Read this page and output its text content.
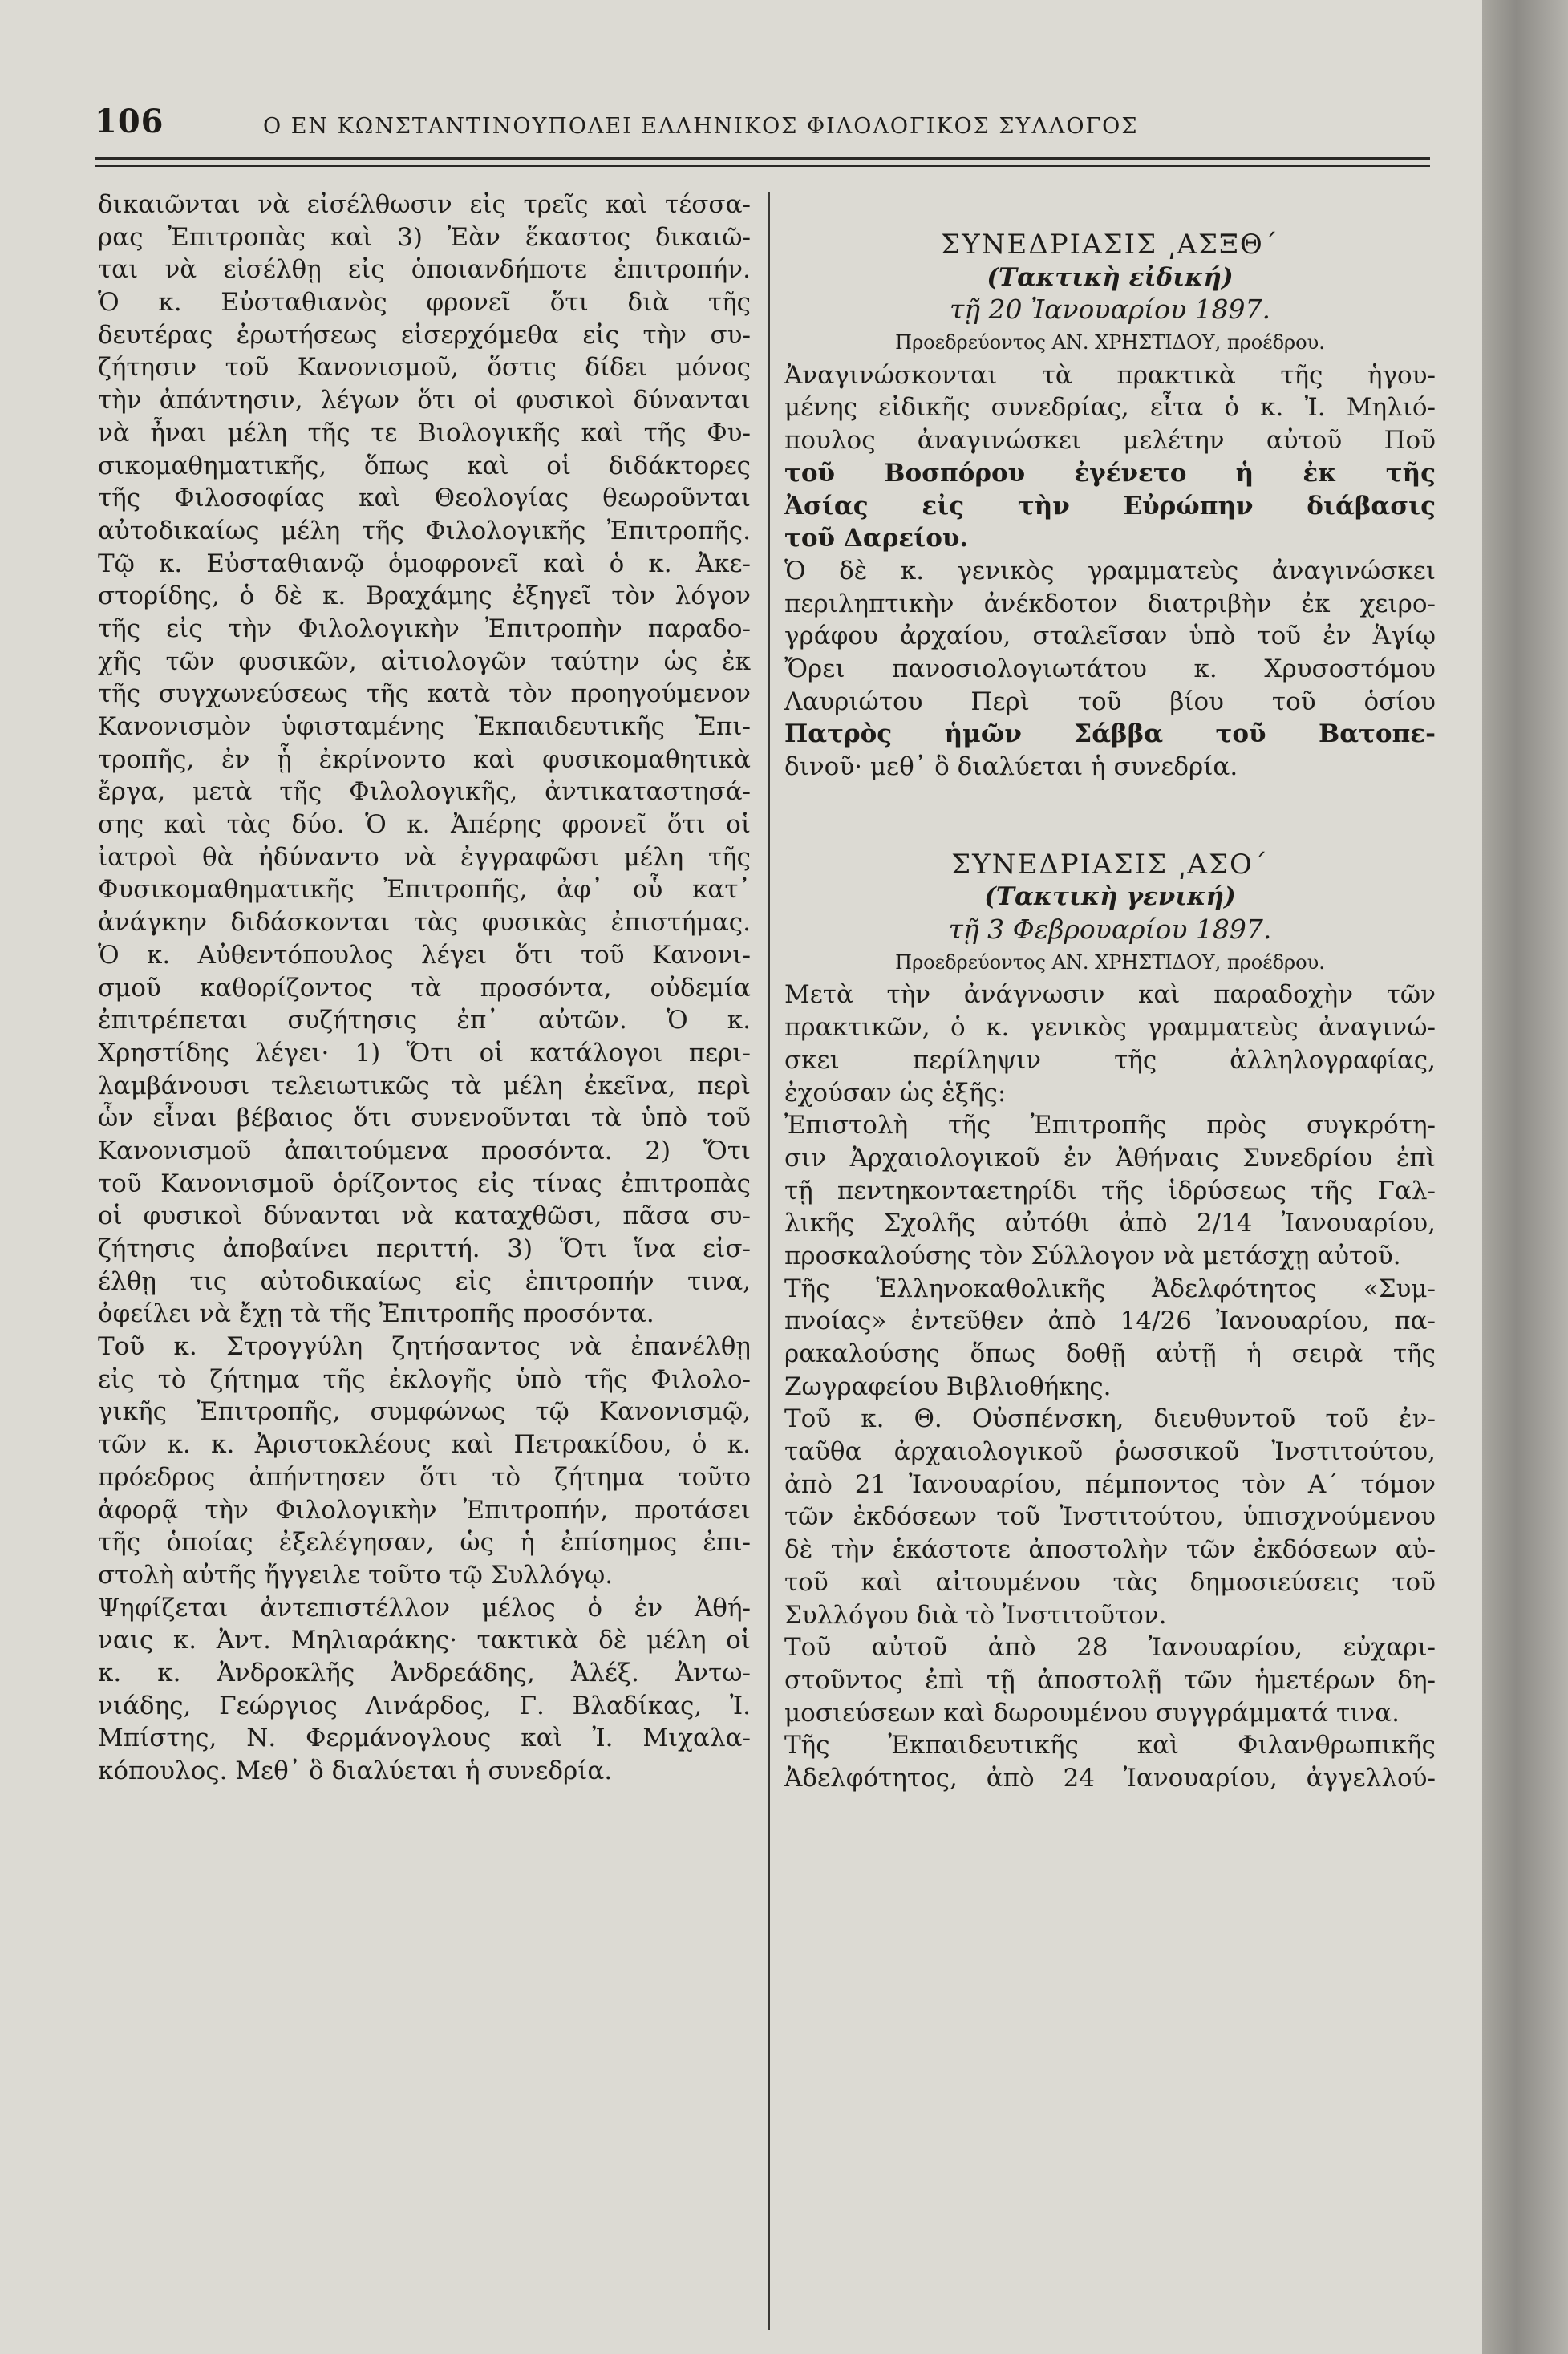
106	Ο ΕΝ ΚΩΝΣΤΑΝΤΙΝΟΥΠΟΛΕΙ ΕΛΛΗΝΙΚΟΣ ΦΙΛΟΛΟΓΙΚΟΣ ΣΥΛΛΟΓΟΣ

δικαιῶνται νὰ εἰσέλθωσιν εἰς τρεῖς καὶ τέσσα-

ρας Ἐπιτροπὰς καὶ 3) Ἐὰν ἕκαστος δικαιῶ-

ται νὰ εἰσέλθῃ εἰς ὁποιανδήποτε ἐπιτροπήν.

Ὁ κ. Εὐσταθιανὸς φρονεῖ ὅτι διὰ τῆς

δευτέρας ἐρωτήσεως εἰσερχόμεθα εἰς τὴν συ-

ζήτησιν τοῦ Κανονισμοῦ, ὅστις δίδει μόνος

τὴν ἀπάντησιν, λέγων ὅτι οἱ φυσικοὶ δύνανται

νὰ ἦναι μέλη τῆς τε Βιολογικῆς καὶ τῆς Φυ-

σικομαθηματικῆς, ὅπως καὶ οἱ διδάκτορες

τῆς Φιλοσοφίας καὶ Θεολογίας θεωροῦνται

αὐτοδικαίως μέλη τῆς Φιλολογικῆς Ἐπιτροπῆς.

Τῷ κ. Εὐσταθιανῷ ὁμοφρονεῖ καὶ ὁ κ. Ἀκε-

στορίδης, ὁ δὲ κ. Βραχάμης ἐξηγεῖ τὸν λόγον

τῆς εἰς τὴν Φιλολογικὴν Ἐπιτροπὴν παραδο-

χῆς τῶν φυσικῶν, αἰτιολογῶν ταύτην ὡς ἐκ

τῆς συγχωνεύσεως τῆς κατὰ τὸν προηγούμενον

Κανονισμὸν ὑφισταμένης Ἐκπαιδευτικῆς Ἐπι-

τροπῆς, ἐν ᾗ ἐκρίνοντο καὶ φυσικομαθητικὰ

ἔργα, μετὰ τῆς Φιλολογικῆς, ἀντικαταστησά-

σης καὶ τὰς δύο. Ὁ κ. Ἀπέρης φρονεῖ ὅτι οἱ

ἰατροὶ θὰ ἠδύναντο νὰ ἐγγραφῶσι μέλη τῆς

Φυσικομαθηματικῆς Ἐπιτροπῆς, ἀφ᾽ οὗ κατ᾽

ἀνάγκην διδάσκονται τὰς φυσικὰς ἐπιστήμας.

Ὁ κ. Αὐθεντόπουλος λέγει ὅτι τοῦ Κανονι-

σμοῦ καθορίζοντος τὰ προσόντα, οὐδεμία

ἐπιτρέπεται συζήτησις ἐπ᾽ αὐτῶν. Ὁ κ.

Χρηστίδης λέγει· 1) Ὅτι οἱ κατάλογοι περι-

λαμβάνουσι τελειωτικῶς τὰ μέλη ἐκεῖνα, περὶ

ὧν εἶναι βέβαιος ὅτι συνενοῦνται τὰ ὑπὸ τοῦ

Κανονισμοῦ ἀπαιτούμενα προσόντα. 2) Ὅτι

τοῦ Κανονισμοῦ ὁρίζοντος εἰς τίνας ἐπιτροπὰς

οἱ φυσικοὶ δύνανται νὰ καταχθῶσι, πᾶσα συ-

ζήτησις ἀποβαίνει περιττή. 3) Ὅτι ἵνα εἰσ-

έλθῃ τις αὐτοδικαίως εἰς ἐπιτροπήν τινα,

ὀφείλει νὰ ἔχῃ τὰ τῆς Ἐπιτροπῆς προσόντα.

Τοῦ κ. Στρογγύλη ζητήσαντος νὰ ἐπανέλθῃ

εἰς τὸ ζήτημα τῆς ἐκλογῆς ὑπὸ τῆς Φιλολο-

γικῆς Ἐπιτροπῆς, συμφώνως τῷ Κανονισμῷ,

τῶν κ. κ. Ἀριστοκλέους καὶ Πετρακίδου, ὁ κ.

πρόεδρος ἀπήντησεν ὅτι τὸ ζήτημα τοῦτο

ἀφορᾷ τὴν Φιλολογικὴν Ἐπιτροπήν, προτάσει

τῆς ὁποίας ἐξελέγησαν, ὡς ἡ ἐπίσημος ἐπι-

στολὴ αὐτῆς ἤγγειλε τοῦτο τῷ Συλλόγῳ.

Ψηφίζεται ἀντεπιστέλλον μέλος ὁ ἐν Ἀθή-

ναις κ. Ἀντ. Μηλιαράκης· τακτικὰ δὲ μέλη οἱ

κ. κ. Ἀνδροκλῆς Ἀνδρεάδης, Ἀλέξ. Ἀντω-

νιάδης, Γεώργιος Λινάρδος, Γ. Βλαδίκας, Ἰ.

Μπίστης, Ν. Φερμάνογλους καὶ Ἰ. Μιχαλα-

κόπουλος. Μεθ᾽ ὃ διαλύεται ἡ συνεδρία.

ΣΥΝΕΔΡΙΑΣΙΣ ͵ΑΣΞΘ´

(Τακτικὴ εἰδική)

τῇ 20 Ἰανουαρίου 1897.

Προεδρεύοντος ΑΝ. ΧΡΗΣΤΙΔΟΥ, προέδρου.

Ἀναγινώσκονται τὰ πρακτικὰ τῆς ἡγου-

μένης εἰδικῆς συνεδρίας, εἶτα ὁ κ. Ἰ. Μηλιό-

πουλος ἀναγινώσκει μελέτην αὐτοῦ Ποῦ

τοῦ Βοσπόρου ἐγένετο ἡ ἐκ τῆς

Ἀσίας εἰς τὴν Εὐρώπην διάβασις

τοῦ Δαρείου.

Ὁ δὲ κ. γενικὸς γραμματεὺς ἀναγινώσκει

περιληπτικὴν ἀνέκδοτον διατριβὴν ἐκ χειρο-

γράφου ἀρχαίου, σταλεῖσαν ὑπὸ τοῦ ἐν Ἁγίῳ

Ὄρει πανοσιολογιωτάτου κ. Χρυσοστόμου

Λαυριώτου Περὶ τοῦ βίου τοῦ ὁσίου

Πατρὸς ἡμῶν Σάββα τοῦ Βατοπε-

δινοῦ· μεθ᾽ ὃ διαλύεται ἡ συνεδρία.

ΣΥΝΕΔΡΙΑΣΙΣ ͵ΑΣΟ´

(Τακτικὴ γενική)

τῇ 3 Φεβρουαρίου 1897.

Προεδρεύοντος ΑΝ. ΧΡΗΣΤΙΔΟΥ, προέδρου.

Μετὰ τὴν ἀνάγνωσιν καὶ παραδοχὴν τῶν

πρακτικῶν, ὁ κ. γενικὸς γραμματεὺς ἀναγινώ-

σκει περίληψιν τῆς ἀλληλογραφίας,

ἐχούσαν ὡς ἑξῆς:

Ἐπιστολὴ τῆς Ἐπιτροπῆς πρὸς συγκρότη-

σιν Ἀρχαιολογικοῦ ἐν Ἀθήναις Συνεδρίου ἐπὶ

τῇ πεντηκονταετηρίδι τῆς ἱδρύσεως τῆς Γαλ-

λικῆς Σχολῆς αὐτόθι ἀπὸ 2/14 Ἰανουαρίου,

προσκαλούσης τὸν Σύλλογον νὰ μετάσχῃ αὐτοῦ.

Τῆς Ἑλληνοκαθολικῆς Ἀδελφότητος «Συμ-

πνοίας» ἐντεῦθεν ἀπὸ 14/26 Ἰανουαρίου, πα-

ρακαλούσης ὅπως δοθῇ αὐτῇ ἡ σειρὰ τῆς

Ζωγραφείου Βιβλιοθήκης.

Τοῦ κ. Θ. Οὐσπένσκη, διευθυντοῦ τοῦ ἐν-

ταῦθα ἀρχαιολογικοῦ ῥωσσικοῦ Ἰνστιτούτου,

ἀπὸ 21 Ἰανουαρίου, πέμποντος τὸν Α´ τόμον

τῶν ἐκδόσεων τοῦ Ἰνστιτούτου, ὑπισχνούμενου

δὲ τὴν ἑκάστοτε ἀποστολὴν τῶν ἐκδόσεων αὐ-

τοῦ καὶ αἰτουμένου τὰς δημοσιεύσεις τοῦ

Συλλόγου διὰ τὸ Ἰνστιτοῦτον.

Τοῦ αὐτοῦ ἀπὸ 28 Ἰανουαρίου, εὐχαρι-

στοῦντος ἐπὶ τῇ ἀποστολῇ τῶν ἡμετέρων δη-

μοσιεύσεων καὶ δωρουμένου συγγράμματά τινα.

Τῆς Ἐκπαιδευτικῆς καὶ Φιλανθρωπικῆς

Ἀδελφότητος, ἀπὸ 24 Ἰανουαρίου, ἀγγελλού-
